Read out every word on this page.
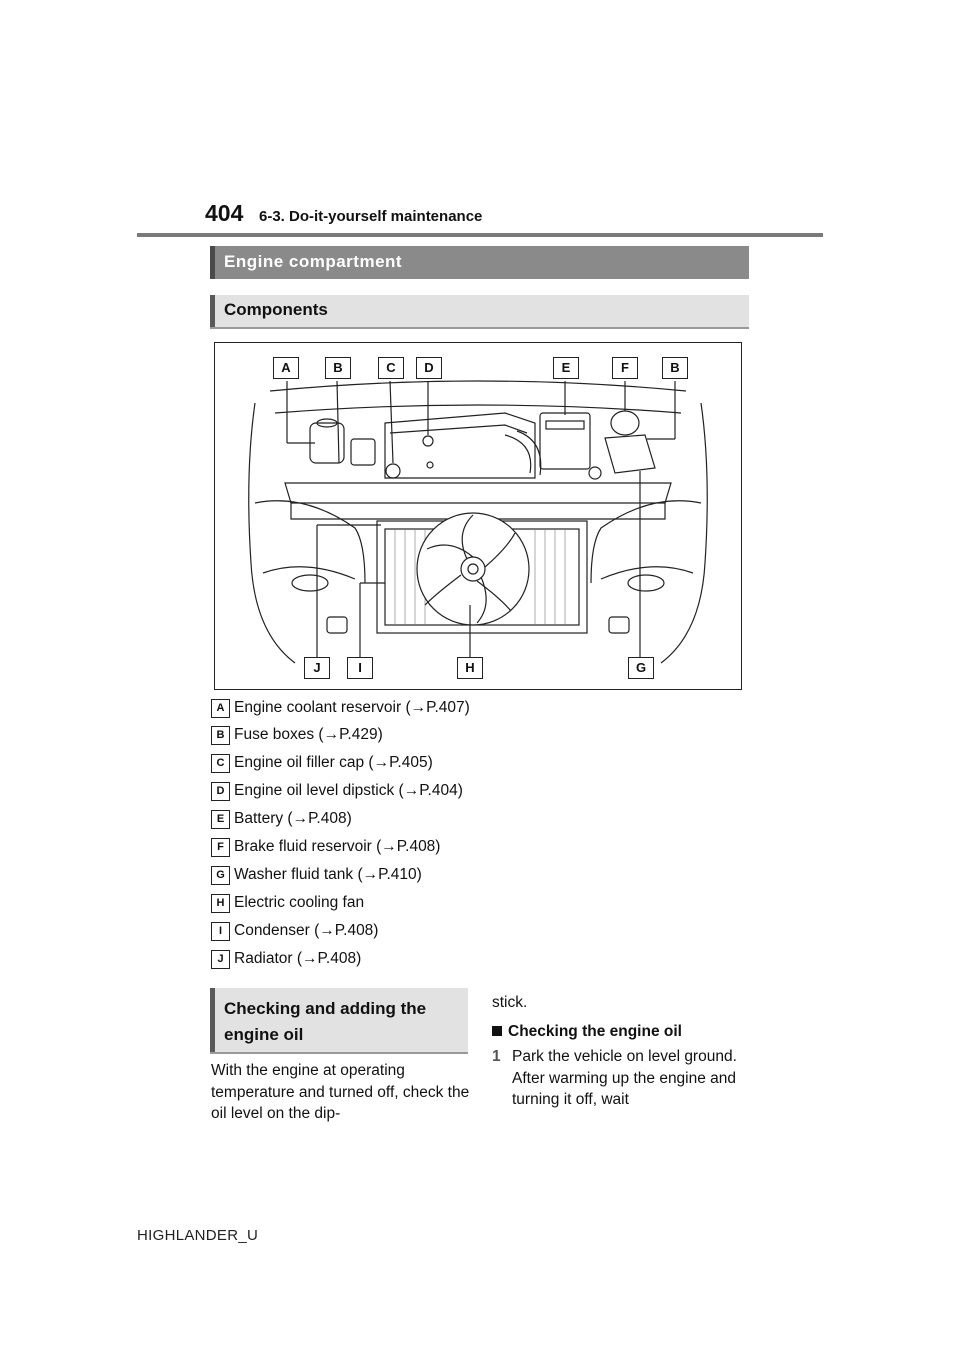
404 6-3. Do-it-yourself maintenance
Engine compartment
Components
A	B	C	D	E	F	B
J	I	H	G
A Engine coolant reservoir (→P.407)
B Fuse boxes (→P.429)
C Engine oil filler cap (→P.405)
D Engine oil level dipstick (→P.404)
E Battery (→P.408)
F Brake fluid reservoir (→P.408)
G Washer fluid tank (→P.410)
H Electric cooling fan
I Condenser (→P.408)
J Radiator (→P.408)
Checking and adding the engine oil
With the engine at operating temperature and turned off, check the oil level on the dip-
stick.
Checking the engine oil
1 Park the vehicle on level ground. After warming up the engine and turning it off, wait
HIGHLANDER_U
